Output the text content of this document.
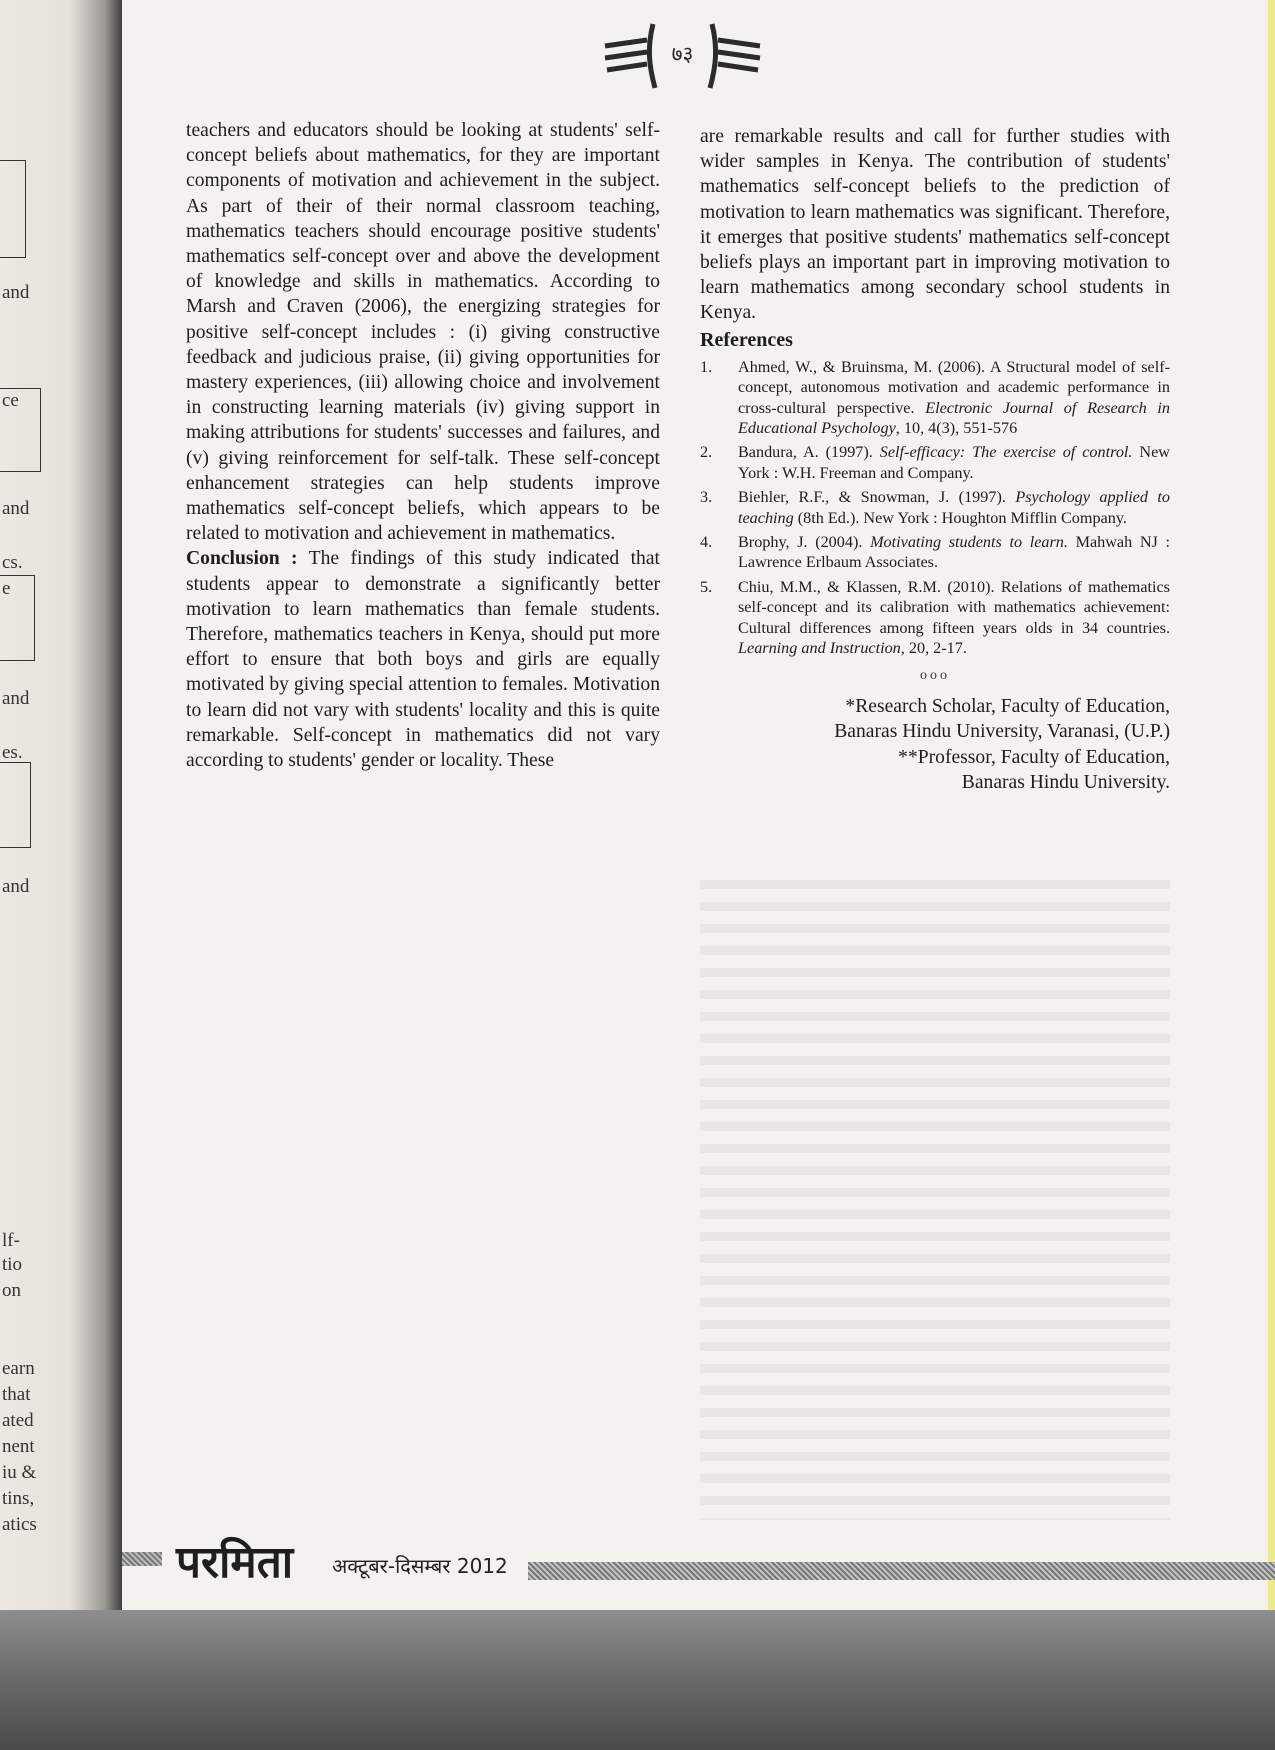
and
ce
and
cs.
e
and
es.
and
lf-
tio
on
earn
that
ated
nent
iu &
tins,
atics
७३

teachers and educators should be looking at students' self-concept beliefs about mathematics, for they are important components of motivation and achievement in the subject. As part of their of their normal classroom teaching, mathematics teachers should encourage positive students' mathematics self-concept over and above the development of knowledge and skills in mathematics. According to Marsh and Craven (2006), the energizing strategies for positive self-concept includes : (i) giving constructive feedback and judicious praise, (ii) giving opportunities for mastery experiences, (iii) allowing choice and involvement in constructing learning materials (iv) giving support in making attributions for students' successes and failures, and (v) giving reinforcement for self-talk. These self-concept enhancement strategies can help students improve mathematics self-concept beliefs, which appears to be related to motivation and achievement in mathematics.

Conclusion : The findings of this study indicated that students appear to demonstrate a significantly better motivation to learn mathematics than female students. Therefore, mathematics teachers in Kenya, should put more effort to ensure that both boys and girls are equally motivated by giving special attention to females. Motivation to learn did not vary with students' locality and this is quite remarkable. Self-concept in mathematics did not vary according to students' gender or locality. These

are remarkable results and call for further studies with wider samples in Kenya. The contribution of students' mathematics self-concept beliefs to the prediction of motivation to learn mathematics was significant. Therefore, it emerges that positive students' mathematics self-concept beliefs plays an important part in improving motivation to learn mathematics among secondary school students in Kenya.

References
1. Ahmed, W., & Bruinsma, M. (2006). A Structural model of self-concept, autonomous motivation and academic performance in cross-cultural perspective. Electronic Journal of Research in Educational Psychology, 10, 4(3), 551-576
2. Bandura, A. (1997). Self-efficacy: The exercise of control. New York : W.H. Freeman and Company.
3. Biehler, R.F., & Snowman, J. (1997). Psychology applied to teaching (8th Ed.). New York : Houghton Mifflin Company.
4. Brophy, J. (2004). Motivating students to learn. Mahwah NJ : Lawrence Erlbaum Associates.
5. Chiu, M.M., & Klassen, R.M. (2010). Relations of mathematics self-concept and its calibration with mathematics achievement: Cultural differences among fifteen years olds in 34 countries. Learning and Instruction, 20, 2-17.
ooo
*Research Scholar, Faculty of Education,
Banaras Hindu University, Varanasi, (U.P.)
**Professor, Faculty of Education,
Banaras Hindu University.
परमिता अक्टूबर-दिसम्बर 2012
